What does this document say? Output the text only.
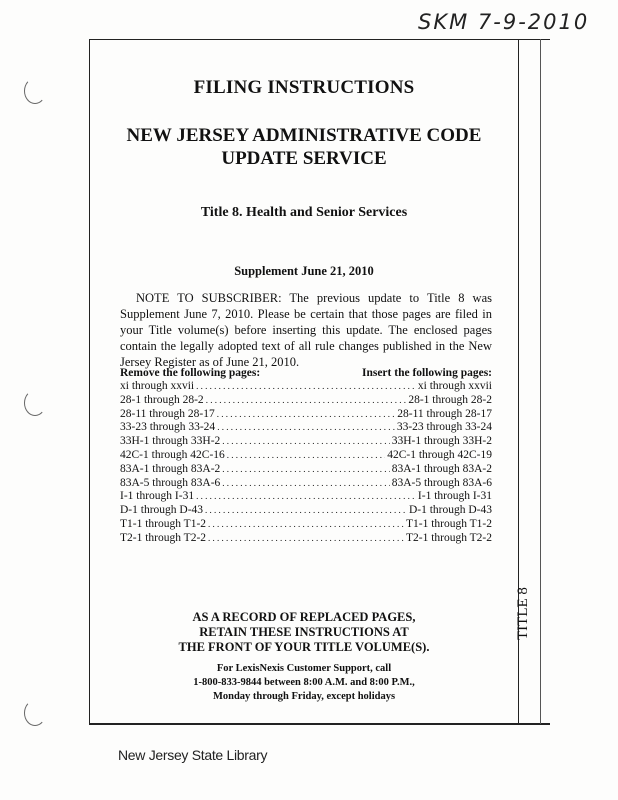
SKM 7-9-2010
TITLE 8
FILING INSTRUCTIONS
NEW JERSEY ADMINISTRATIVE CODE
UPDATE SERVICE
Title 8. Health and Senior Services
Supplement June 21, 2010
NOTE TO SUBSCRIBER: The previous update to Title 8 was Supplement June 7, 2010. Please be certain that those pages are filed in your Title volume(s) before inserting this update. The enclosed pages contain the legally adopted text of all rule changes published in the New Jersey Register as of June 21, 2010.
Remove the following pages:	Insert the following pages:
xi through xxvii . . .	xi through xxvii
28-1 through 28-2 . . .	28-1 through 28-2
28-11 through 28-17 . . .	28-11 through 28-17
33-23 through 33-24 . . .	33-23 through 33-24
33H-1 through 33H-2 . . .	33H-1 through 33H-2
42C-1 through 42C-16 . . .	42C-1 through 42C-19
83A-1 through 83A-2 . . .	83A-1 through 83A-2
83A-5 through 83A-6 . . .	83A-5 through 83A-6
I-1 through I-31 . . .	I-1 through I-31
D-1 through D-43 . . .	D-1 through D-43
T1-1 through T1-2 . . .	T1-1 through T1-2
T2-1 through T2-2 . . .	T2-1 through T2-2
AS A RECORD OF REPLACED PAGES,
RETAIN THESE INSTRUCTIONS AT
THE FRONT OF YOUR TITLE VOLUME(S).
For LexisNexis Customer Support, call
1-800-833-9844 between 8:00 A.M. and 8:00 P.M.,
Monday through Friday, except holidays
New Jersey State Library
